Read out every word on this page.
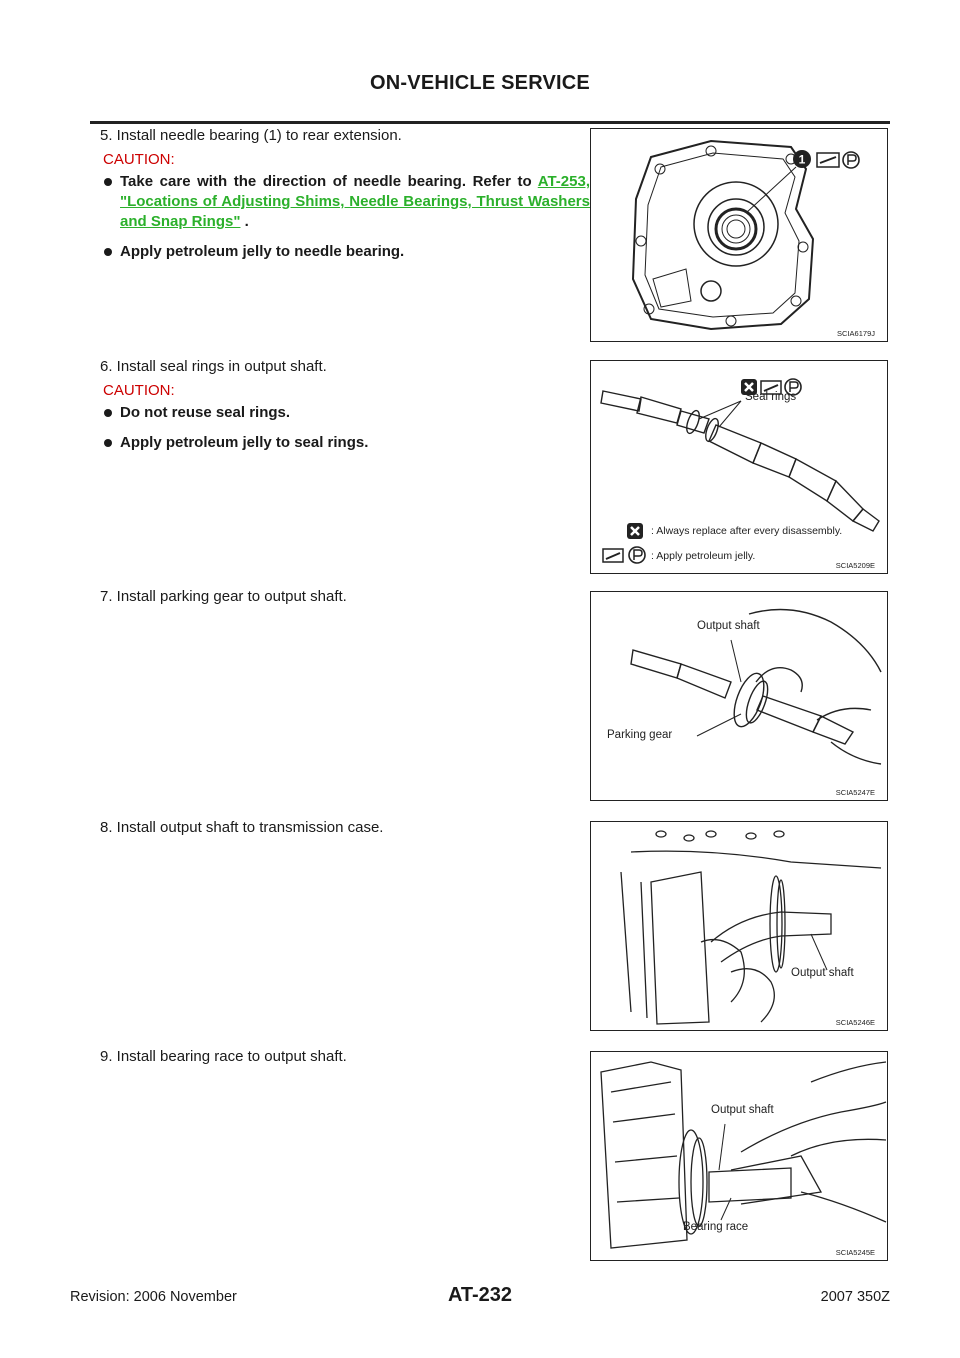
ON-VEHICLE SERVICE
5. Install needle bearing (1) to rear extension.
CAUTION:
Take care with the direction of needle bearing. Refer to AT-253, "Locations of Adjusting Shims, Needle Bearings, Thrust Washers and Snap Rings" .
Apply petroleum jelly to needle bearing.
6. Install seal rings in output shaft.
CAUTION:
Do not reuse seal rings.
Apply petroleum jelly to seal rings.
7. Install parking gear to output shaft.
8. Install output shaft to transmission case.
9. Install bearing race to output shaft.
1
SCIA6179J
Seal rings
: Always replace after every disassembly.
: Apply petroleum jelly.
SCIA5209E
Output shaft
Parking gear
SCIA5247E
Output shaft
SCIA5246E
Output shaft
Bearing race
SCIA5245E
Revision: 2006 November	AT-232	2007 350Z
